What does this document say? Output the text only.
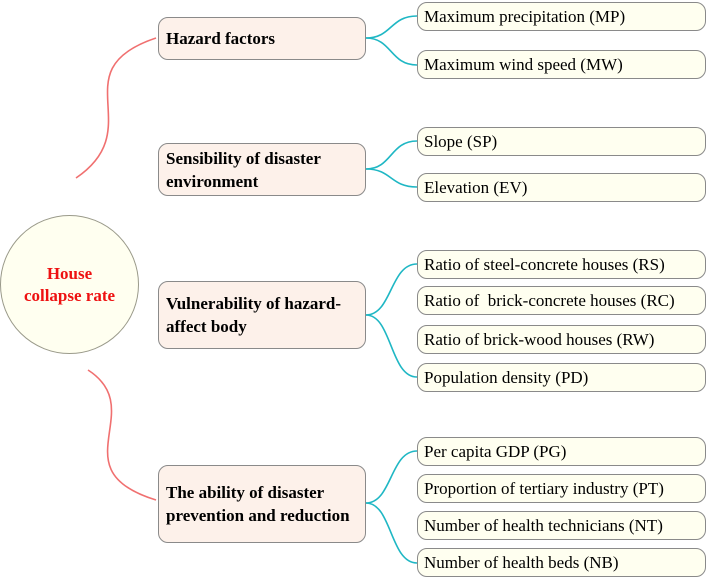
House collapse rate
Hazard factors
Maximum precipitation (MP)
Maximum wind speed (MW)
Sensibility of disaster environment
Slope (SP)
Elevation (EV)
Vulnerability of hazard-affect body
Ratio of steel-concrete houses (RS)
Ratio of  brick-concrete houses (RC)
Ratio of brick-wood houses (RW)
Population density (PD)
The ability of disaster prevention and reduction
Per capita GDP (PG)
Proportion of tertiary industry (PT)
Number of health technicians (NT)
Number of health beds (NB)
